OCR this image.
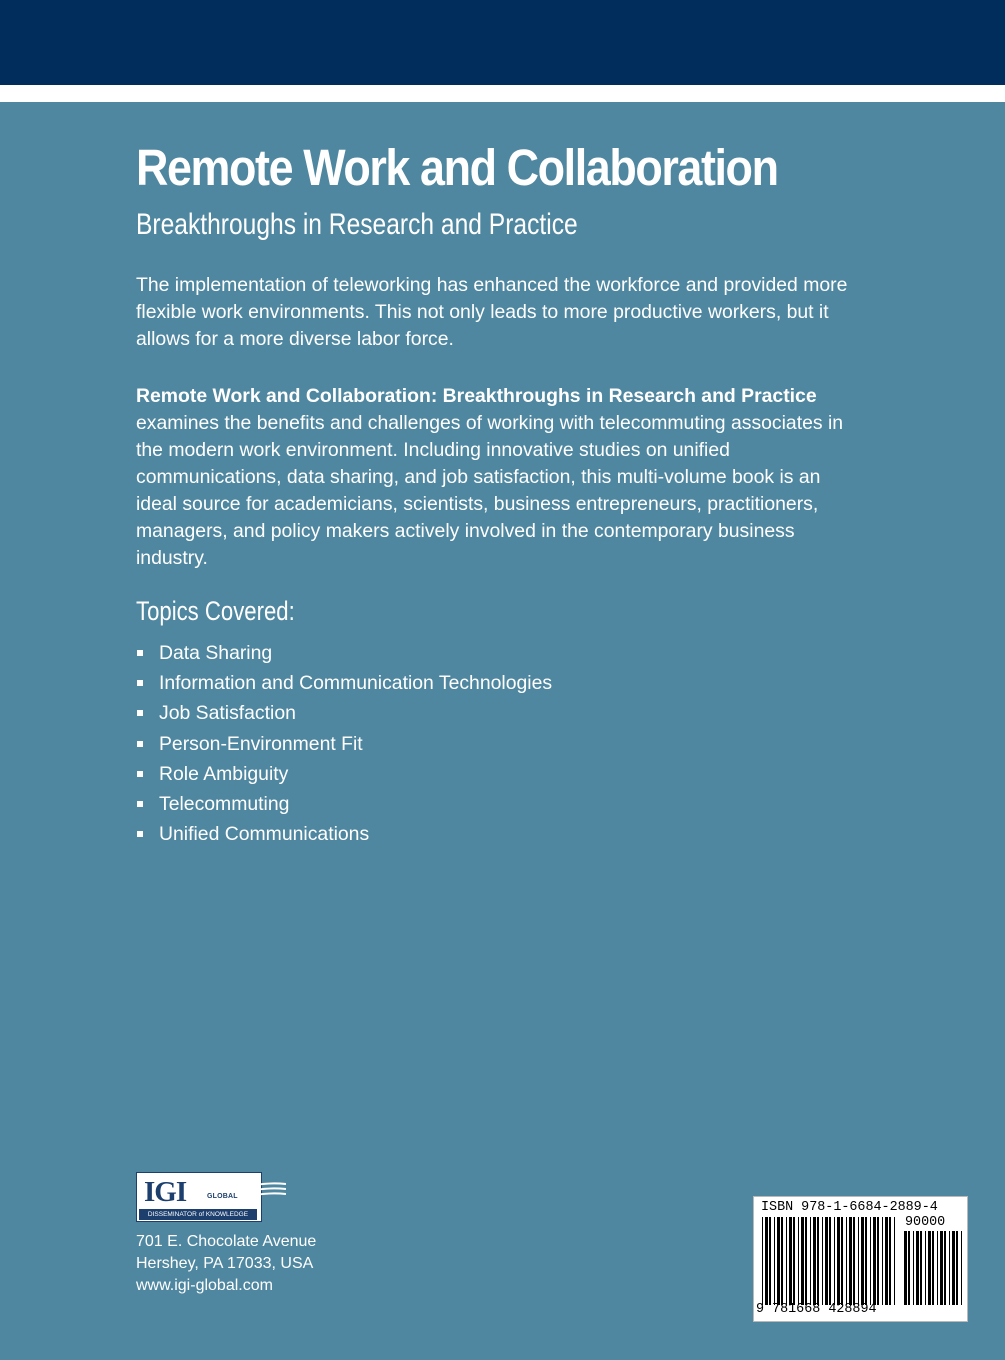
Remote Work and Collaboration
Breakthroughs in Research and Practice

The implementation of teleworking has enhanced the workforce and provided more flexible work environments. This not only leads to more productive workers, but it allows for a more diverse labor force.

Remote Work and Collaboration: Breakthroughs in Research and Practice
examines the benefits and challenges of working with telecommuting associates in the modern work environment. Including innovative studies on unified communications, data sharing, and job satisfaction, this multi-volume book is an ideal source for academicians, scientists, business entrepreneurs, practitioners, managers, and policy makers actively involved in the contemporary business industry.

Topics Covered:
Data Sharing
Information and Communication Technologies
Job Satisfaction
Person-Environment Fit
Role Ambiguity
Telecommuting
Unified Communications
IGI	GLOBAL
DISSEMINATOR of KNOWLEDGE
701 E. Chocolate Avenue
Hershey, PA 17033, USA
www.igi-global.com

ISBN 978-1-6684-2889-4

90000

9 781668 428894
